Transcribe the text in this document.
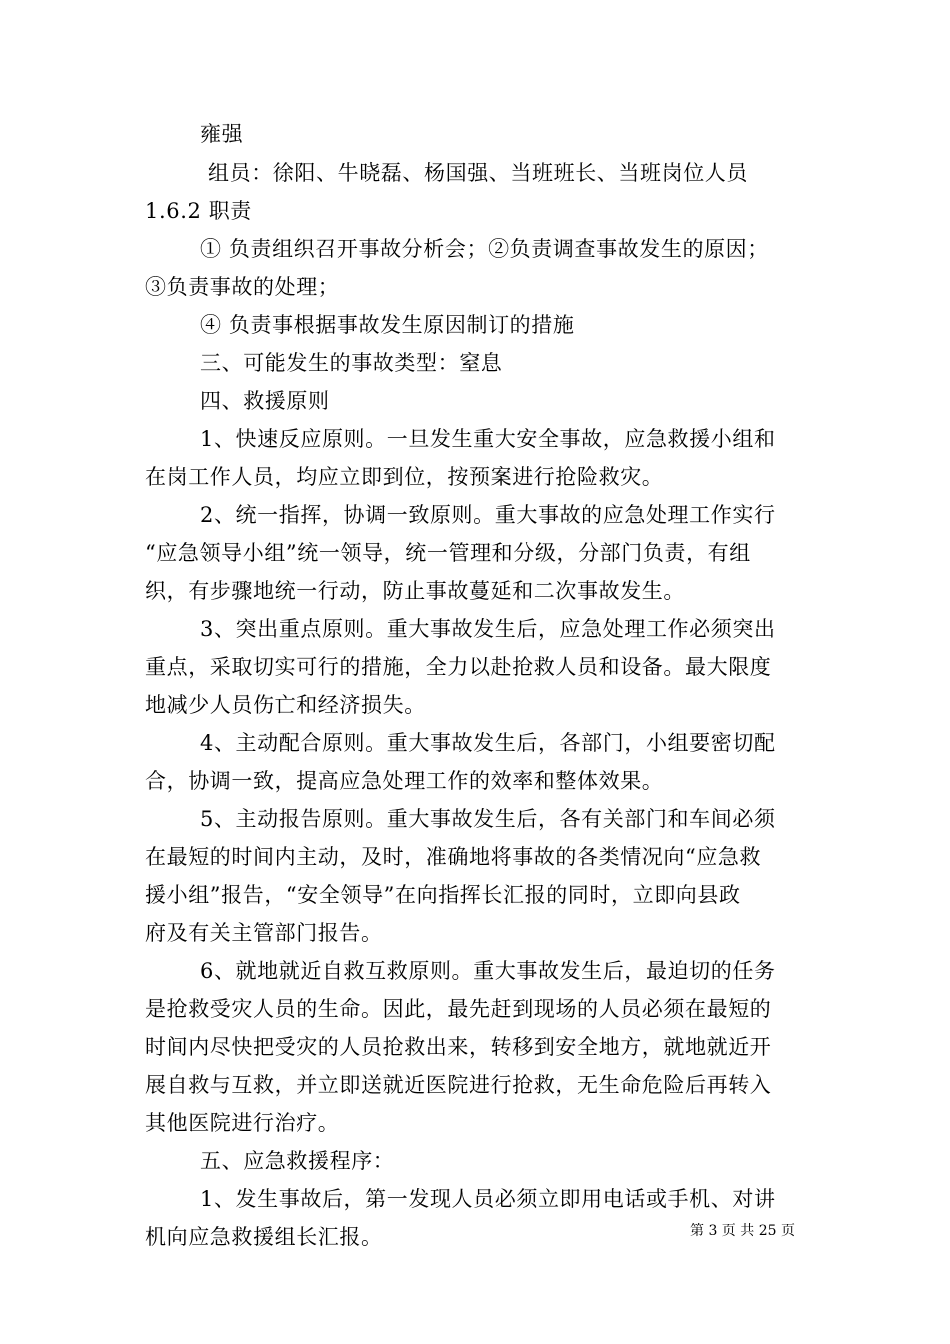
雍强
组员：徐阳、牛晓磊、杨国强、当班班长、当班岗位人员
1.6.2 职责
① 负责组织召开事故分析会；②负责调查事故发生的原因；
③负责事故的处理；
④ 负责事根据事故发生原因制订的措施
三、可能发生的事故类型：窒息
四、救援原则
1、快速反应原则。一旦发生重大安全事故，应急救援小组和
在岗工作人员，均应立即到位，按预案进行抢险救灾。
2、统一指挥，协调一致原则。重大事故的应急处理工作实行
“应急领导小组”统一领导，统一管理和分级，分部门负责，有组
织，有步骤地统一行动，防止事故蔓延和二次事故发生。
3、突出重点原则。重大事故发生后，应急处理工作必须突出
重点，采取切实可行的措施，全力以赴抢救人员和设备。最大限度
地减少人员伤亡和经济损失。
4、主动配合原则。重大事故发生后，各部门，小组要密切配
合，协调一致，提高应急处理工作的效率和整体效果。
5、主动报告原则。重大事故发生后，各有关部门和车间必须
在最短的时间内主动，及时，准确地将事故的各类情况向“应急救
援小组”报告，“安全领导”在向指挥长汇报的同时，立即向县政
府及有关主管部门报告。
6、就地就近自救互救原则。重大事故发生后，最迫切的任务
是抢救受灾人员的生命。因此，最先赶到现场的人员必须在最短的
时间内尽快把受灾的人员抢救出来，转移到安全地方，就地就近开
展自救与互救，并立即送就近医院进行抢救，无生命危险后再转入
其他医院进行治疗。
五、应急救援程序：
1、发生事故后，第一发现人员必须立即用电话或手机、对讲
机向应急救援组长汇报。	第 3 页 共 25 页
